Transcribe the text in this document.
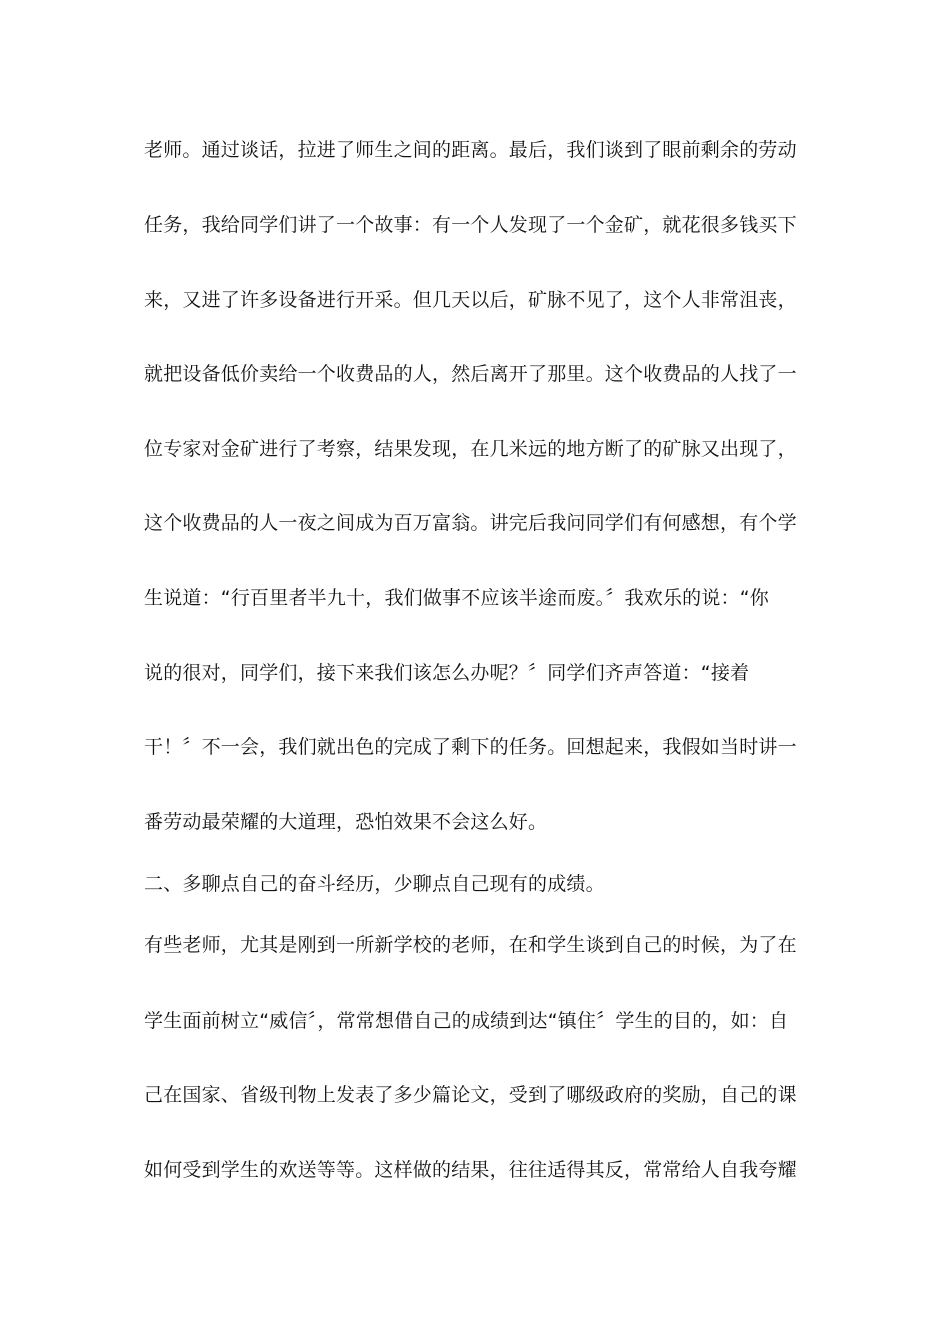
老师。通过谈话，拉进了师生之间的距离。最后，我们谈到了眼前剩余的劳动
任务，我给同学们讲了一个故事：有一个人发现了一个金矿，就花很多钱买下
来，又进了许多设备进行开采。但几天以后，矿脉不见了，这个人非常沮丧，
就把设备低价卖给一个收费品的人，然后离开了那里。这个收费品的人找了一
位专家对金矿进行了考察，结果发现，在几米远的地方断了的矿脉又出现了，
这个收费品的人一夜之间成为百万富翁。讲完后我问同学们有何感想，有个学
生说道：“行百里者半九十，我们做事不应该半途而废。〞我欢乐的说：“你
说的很对，同学们，接下来我们该怎么办呢？〞同学们齐声答道：“接着
干！〞不一会，我们就出色的完成了剩下的任务。回想起来，我假如当时讲一
番劳动最荣耀的大道理，恐怕效果不会这么好。
二、多聊点自己的奋斗经历，少聊点自己现有的成绩。
有些老师，尤其是刚到一所新学校的老师，在和学生谈到自己的时候，为了在
学生面前树立“威信〞，常常想借自己的成绩到达“镇住〞学生的目的，如：自
己在国家、省级刊物上发表了多少篇论文，受到了哪级政府的奖励，自己的课
如何受到学生的欢送等等。这样做的结果，往往适得其反，常常给人自我夸耀
